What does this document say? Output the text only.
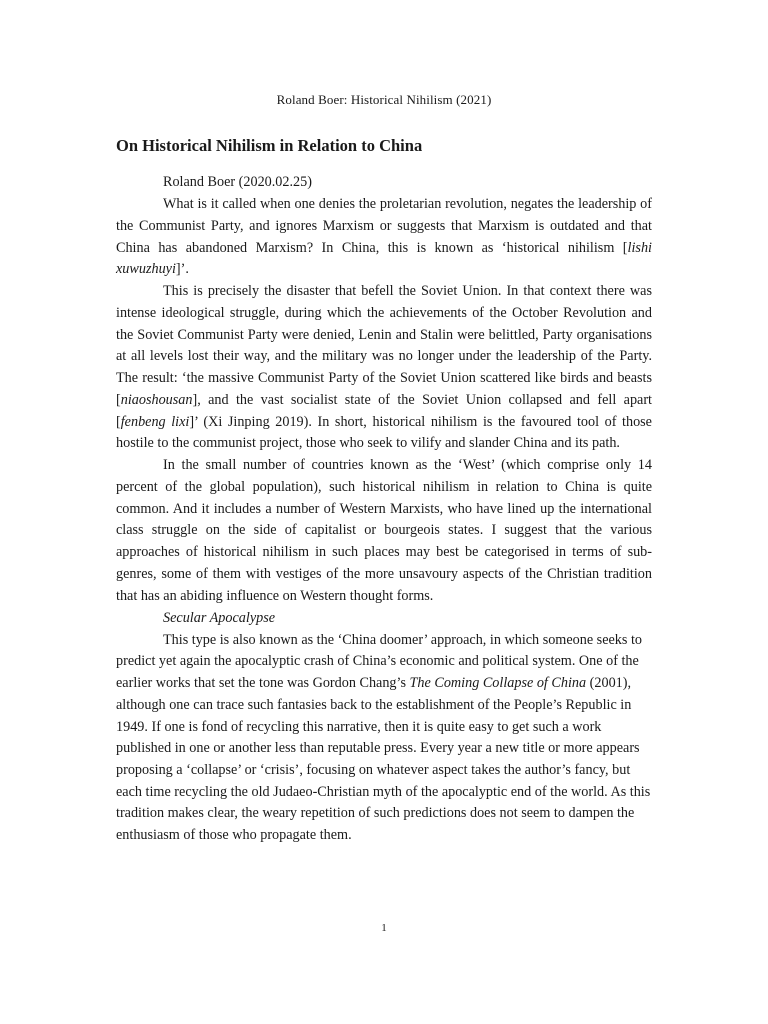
Roland Boer: Historical Nihilism (2021)
On Historical Nihilism in Relation to China
Roland Boer (2020.02.25)

What is it called when one denies the proletarian revolution, negates the leadership of the Communist Party, and ignores Marxism or suggests that Marxism is outdated and that China has abandoned Marxism? In China, this is known as ‘historical nihilism [lishi xuwuzhuyi]’.

This is precisely the disaster that befell the Soviet Union. In that context there was intense ideological struggle, during which the achievements of the October Revolution and the Soviet Communist Party were denied, Lenin and Stalin were belittled, Party organisations at all levels lost their way, and the military was no longer under the leadership of the Party. The result: ‘the massive Communist Party of the Soviet Union scattered like birds and beasts [niaoshousan], and the vast socialist state of the Soviet Union collapsed and fell apart [fenbeng lixi]’ (Xi Jinping 2019). In short, historical nihilism is the favoured tool of those hostile to the communist project, those who seek to vilify and slander China and its path.

In the small number of countries known as the ‘West’ (which comprise only 14 percent of the global population), such historical nihilism in relation to China is quite common. And it includes a number of Western Marxists, who have lined up the international class struggle on the side of capitalist or bourgeois states. I suggest that the various approaches of historical nihilism in such places may best be categorised in terms of sub-genres, some of them with vestiges of the more unsavoury aspects of the Christian tradition that has an abiding influence on Western thought forms.

Secular Apocalypse

This type is also known as the ‘China doomer’ approach, in which someone seeks to predict yet again the apocalyptic crash of China’s economic and political system. One of the earlier works that set the tone was Gordon Chang’s The Coming Collapse of China (2001), although one can trace such fantasies back to the establishment of the People’s Republic in 1949. If one is fond of recycling this narrative, then it is quite easy to get such a work published in one or another less than reputable press. Every year a new title or more appears proposing a ‘collapse’ or ‘crisis’, focusing on whatever aspect takes the author’s fancy, but each time recycling the old Judaeo-Christian myth of the apocalyptic end of the world. As this tradition makes clear, the weary repetition of such predictions does not seem to dampen the enthusiasm of those who propagate them.

1
